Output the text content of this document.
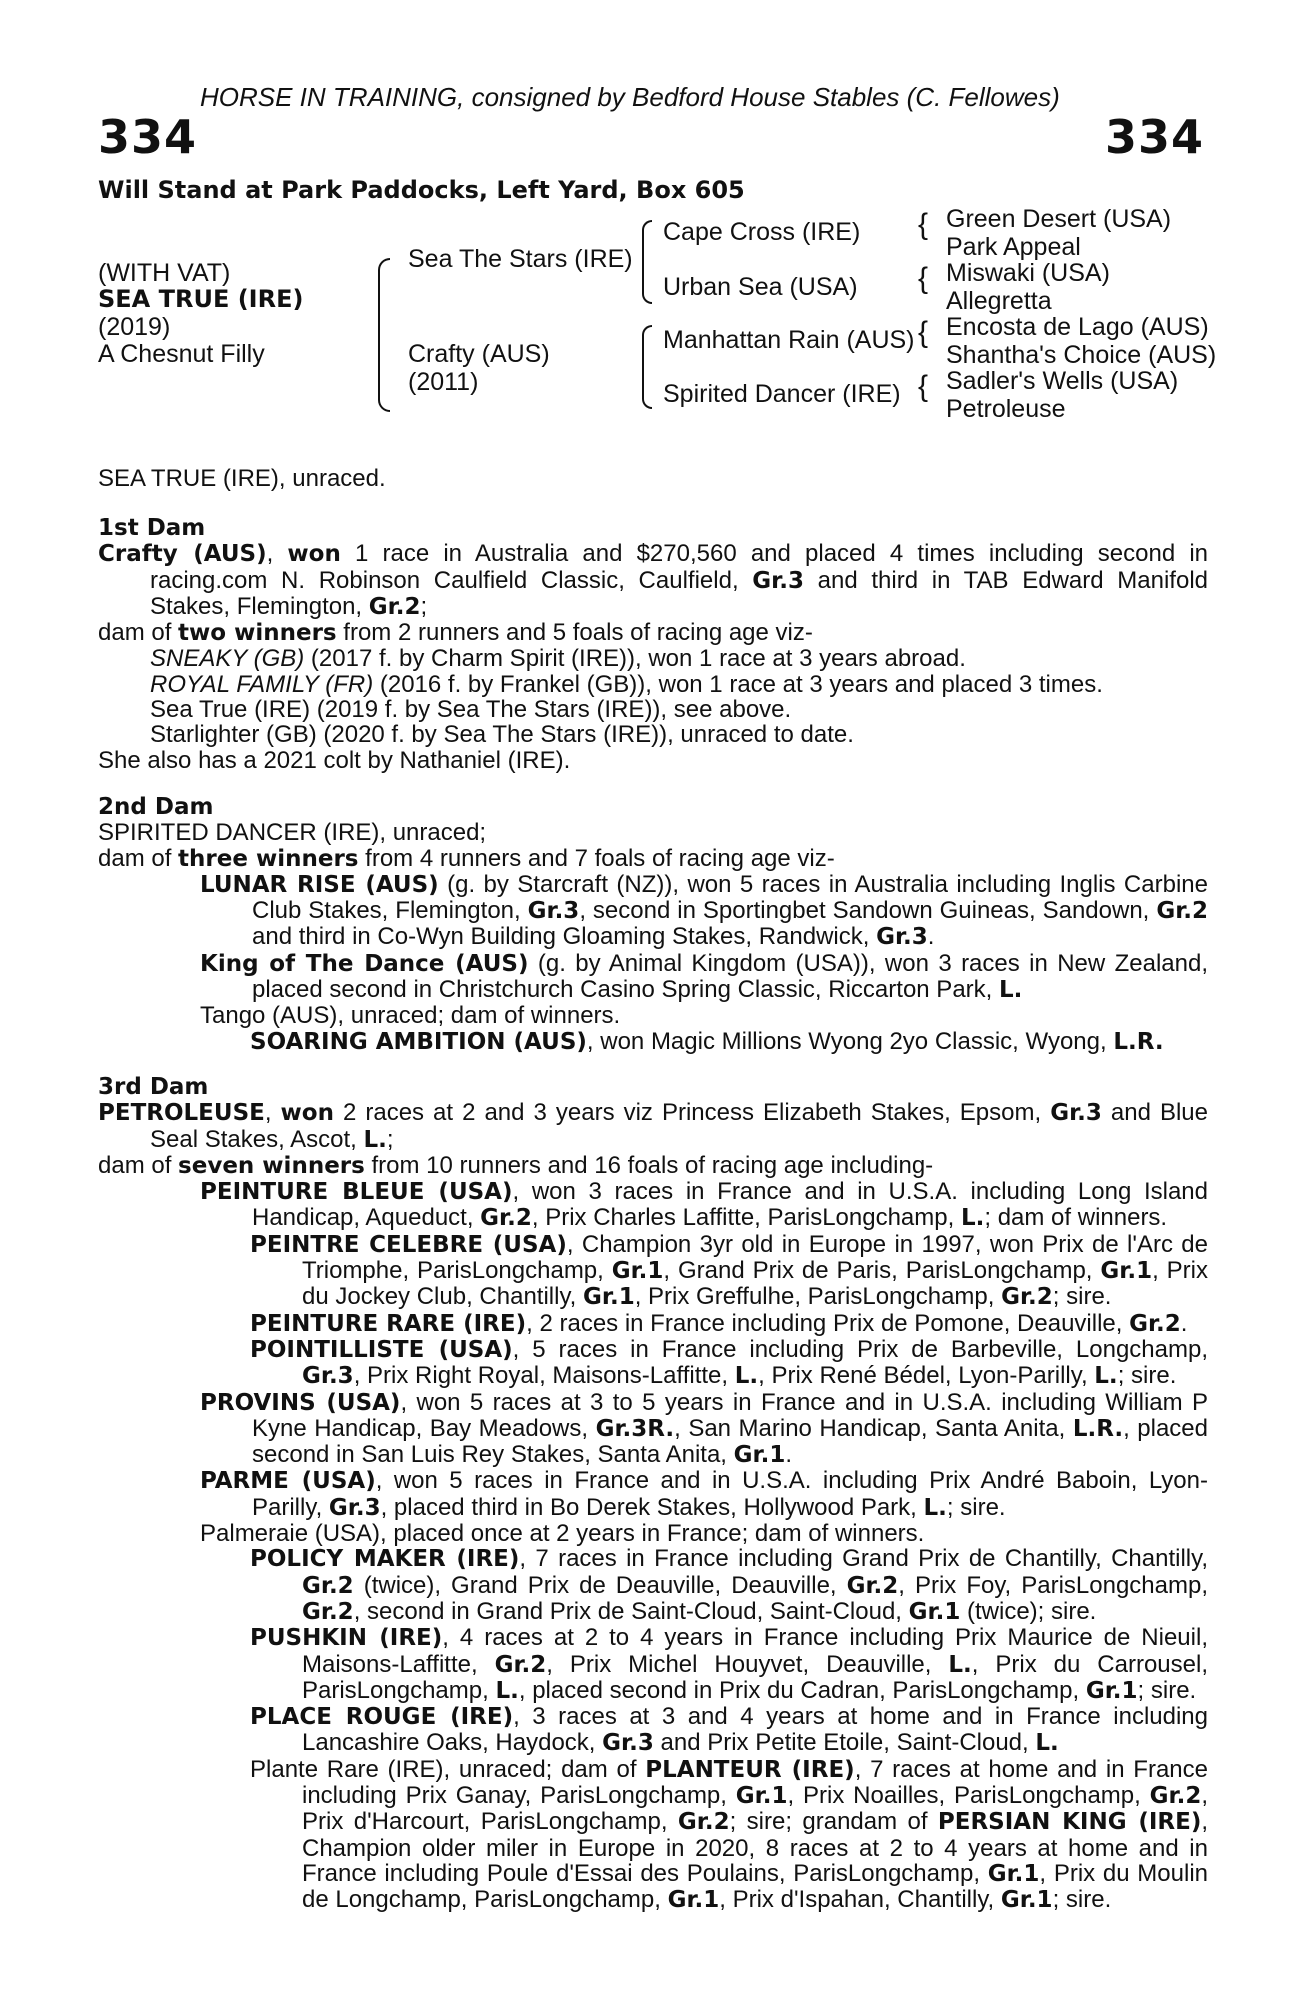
HORSE IN TRAINING, consigned by Bedford House Stables (C. Fellowes)
334	334
Will Stand at Park Paddocks, Left Yard, Box 605
(WITH VAT)
SEA TRUE (IRE)
(2019)
A Chesnut Filly
Sea The Stars (IRE)
Crafty (AUS)
(2011)
Cape Cross (IRE)
Urban Sea (USA)
Manhattan Rain (AUS)
Spirited Dancer (IRE)
{ Green Desert (USA)
Park Appeal
{ Miswaki (USA)
Allegretta
{ Encosta de Lago (AUS)
Shantha's Choice (AUS)
{ Sadler's Wells (USA)
Petroleuse

SEA TRUE (IRE), unraced.

1st Dam

Crafty (AUS), won 1 race in Australia and $270,560 and placed 4 times including second in racing.com N. Robinson Caulfield Classic, Caulfield, Gr.3 and third in TAB Edward Manifold Stakes, Flemington, Gr.2;

dam of two winners from 2 runners and 5 foals of racing age viz-

SNEAKY (GB) (2017 f. by Charm Spirit (IRE)), won 1 race at 3 years abroad.

ROYAL FAMILY (FR) (2016 f. by Frankel (GB)), won 1 race at 3 years and placed 3 times.

Sea True (IRE) (2019 f. by Sea The Stars (IRE)), see above.

Starlighter (GB) (2020 f. by Sea The Stars (IRE)), unraced to date.

She also has a 2021 colt by Nathaniel (IRE).

2nd Dam

SPIRITED DANCER (IRE), unraced;

dam of three winners from 4 runners and 7 foals of racing age viz-

LUNAR RISE (AUS) (g. by Starcraft (NZ)), won 5 races in Australia including Inglis Carbine Club Stakes, Flemington, Gr.3, second in Sportingbet Sandown Guineas, Sandown, Gr.2 and third in Co-Wyn Building Gloaming Stakes, Randwick, Gr.3.

King of The Dance (AUS) (g. by Animal Kingdom (USA)), won 3 races in New Zealand, placed second in Christchurch Casino Spring Classic, Riccarton Park, L.

Tango (AUS), unraced; dam of winners.

SOARING AMBITION (AUS), won Magic Millions Wyong 2yo Classic, Wyong, L.R.

3rd Dam

PETROLEUSE, won 2 races at 2 and 3 years viz Princess Elizabeth Stakes, Epsom, Gr.3 and Blue Seal Stakes, Ascot, L.;

dam of seven winners from 10 runners and 16 foals of racing age including-

PEINTURE BLEUE (USA), won 3 races in France and in U.S.A. including Long Island Handicap, Aqueduct, Gr.2, Prix Charles Laffitte, ParisLongchamp, L.; dam of winners.

PEINTRE CELEBRE (USA), Champion 3yr old in Europe in 1997, won Prix de l'Arc de Triomphe, ParisLongchamp, Gr.1, Grand Prix de Paris, ParisLongchamp, Gr.1, Prix du Jockey Club, Chantilly, Gr.1, Prix Greffulhe, ParisLongchamp, Gr.2; sire.

PEINTURE RARE (IRE), 2 races in France including Prix de Pomone, Deauville, Gr.2.

POINTILLISTE (USA), 5 races in France including Prix de Barbeville, Longchamp, Gr.3, Prix Right Royal, Maisons-Laffitte, L., Prix René Bédel, Lyon-Parilly, L.; sire.

PROVINS (USA), won 5 races at 3 to 5 years in France and in U.S.A. including William P Kyne Handicap, Bay Meadows, Gr.3R., San Marino Handicap, Santa Anita, L.R., placed second in San Luis Rey Stakes, Santa Anita, Gr.1.

PARME (USA), won 5 races in France and in U.S.A. including Prix André Baboin, Lyon-Parilly, Gr.3, placed third in Bo Derek Stakes, Hollywood Park, L.; sire.

Palmeraie (USA), placed once at 2 years in France; dam of winners.

POLICY MAKER (IRE), 7 races in France including Grand Prix de Chantilly, Chantilly, Gr.2 (twice), Grand Prix de Deauville, Deauville, Gr.2, Prix Foy, ParisLongchamp, Gr.2, second in Grand Prix de Saint-Cloud, Saint-Cloud, Gr.1 (twice); sire.

PUSHKIN (IRE), 4 races at 2 to 4 years in France including Prix Maurice de Nieuil, Maisons-Laffitte, Gr.2, Prix Michel Houyvet, Deauville, L., Prix du Carrousel, ParisLongchamp, L., placed second in Prix du Cadran, ParisLongchamp, Gr.1; sire.

PLACE ROUGE (IRE), 3 races at 3 and 4 years at home and in France including Lancashire Oaks, Haydock, Gr.3 and Prix Petite Etoile, Saint-Cloud, L.

Plante Rare (IRE), unraced; dam of PLANTEUR (IRE), 7 races at home and in France including Prix Ganay, ParisLongchamp, Gr.1, Prix Noailles, ParisLongchamp, Gr.2, Prix d'Harcourt, ParisLongchamp, Gr.2; sire; grandam of PERSIAN KING (IRE), Champion older miler in Europe in 2020, 8 races at 2 to 4 years at home and in France including Poule d'Essai des Poulains, ParisLongchamp, Gr.1, Prix du Moulin de Longchamp, ParisLongchamp, Gr.1, Prix d'Ispahan, Chantilly, Gr.1; sire.
